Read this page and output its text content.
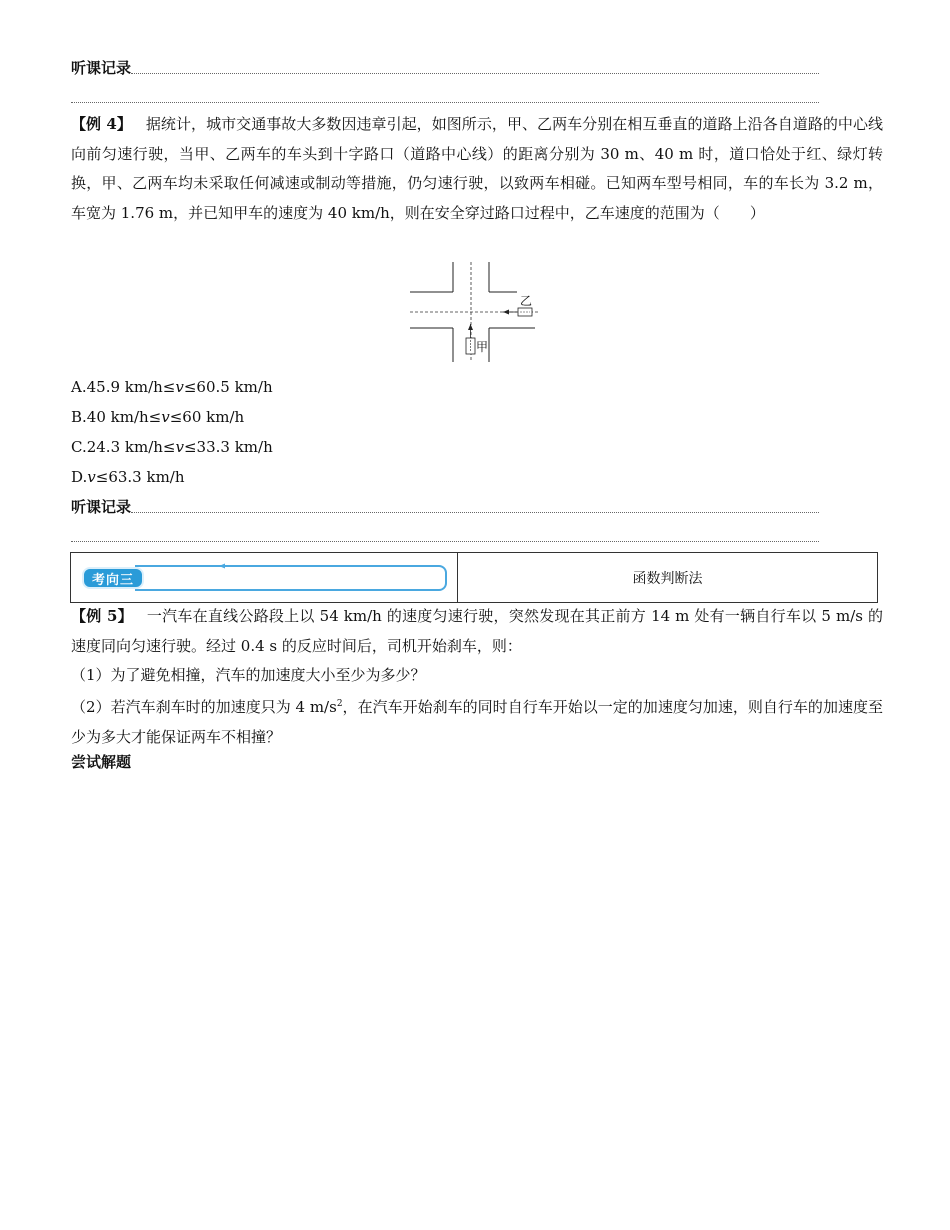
听课记录
【例 4】 据统计，城市交通事故大多数因违章引起，如图所示，甲、乙两车分别在相互垂直的道路上沿各自道路的中心线向前匀速行驶，当甲、乙两车的车头到十字路口（道路中心线）的距离分别为 30 m、40 m 时，道口恰处于红、绿灯转换，甲、乙两车均未采取任何减速或制动等措施，仍匀速行驶，以致两车相碰。已知两车型号相同，车的车长为 3.2 m，车宽为 1.76 m，并已知甲车的速度为 40 km/h，则在安全穿过路口过程中，乙车速度的范围为（　　）
乙
甲
A.45.9 km/h≤v≤60.5 km/h
B.40 km/h≤v≤60 km/h
C.24.3 km/h≤v≤33.3 km/h
D.v≤63.3 km/h
听课记录
考向三	函数判断法
【例 5】 一汽车在直线公路段上以 54 km/h 的速度匀速行驶，突然发现在其正前方 14 m 处有一辆自行车以 5 m/s 的速度同向匀速行驶。经过 0.4 s 的反应时间后，司机开始刹车，则：
（1）为了避免相撞，汽车的加速度大小至少为多少？
（2）若汽车刹车时的加速度只为 4 $m/s^2$，在汽车开始刹车的同时自行车开始以一定的加速度匀加速，则自行车的加速度至少为多大才能保证两车不相撞？
尝试解题
